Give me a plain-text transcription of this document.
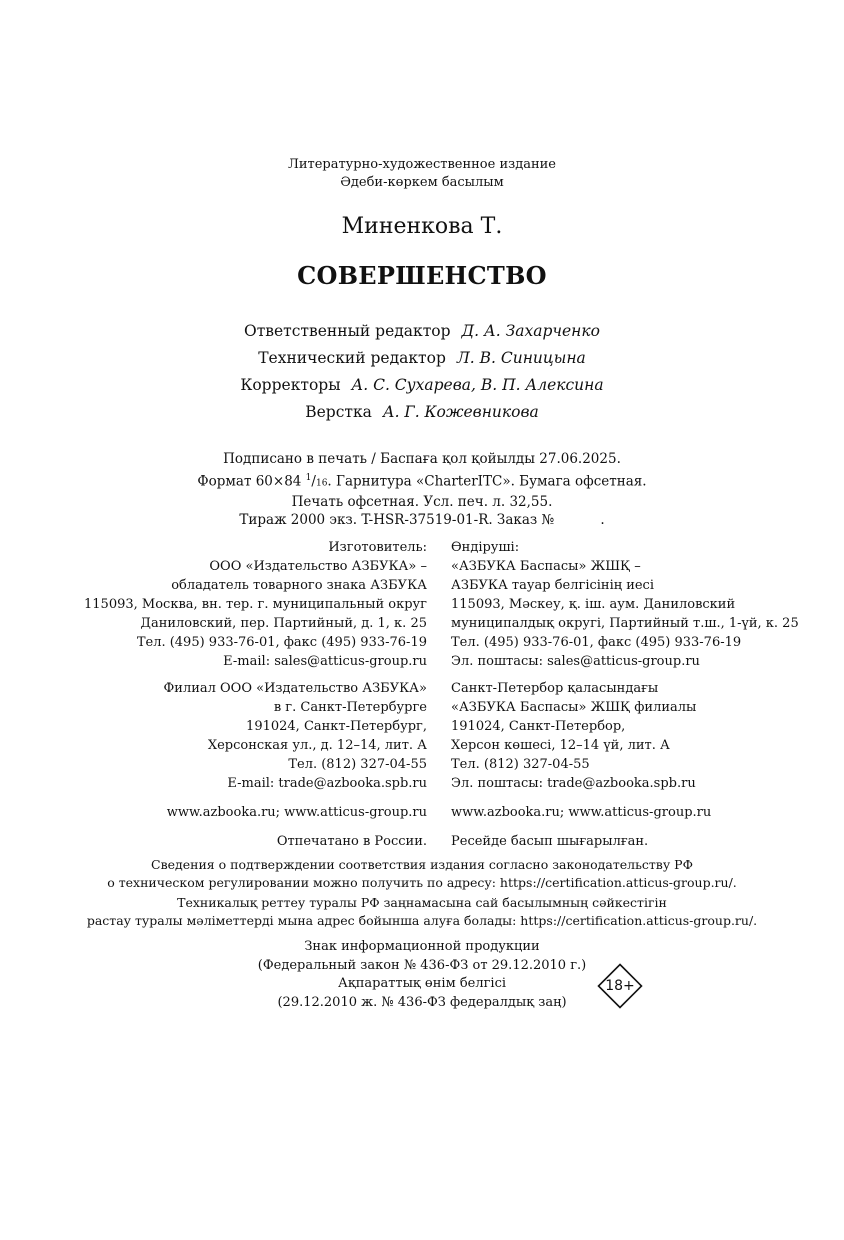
Литературно-художественное издание
Әдеби-көркем басылым
Миненкова Т.
СОВЕРШЕНСТВО
Ответственный редактор Д. А. Захарченко
Технический редактор Л. В. Синицына
Корректоры А. С. Сухарева, В. П. Алексина
Верстка А. Г. Кожевникова
Подписано в печать / Баспаға қол қойылды 27.06.2025.
Формат 60×84 $^1$/16. Гарнитура «CharterITC». Бумага офсетная.
Печать офсетная. Усл. печ. л. 32,55.
Тираж 2000 экз. T-HSR-37519-01-R. Заказ №	.
Изготовитель:
ООО «Издательство АЗБУКА» –
обладатель товарного знака АЗБУКА
115093, Москва, вн. тер. г. муниципальный округ
Даниловский, пер. Партийный, д. 1, к. 25
Тел. (495) 933-76-01, факс (495) 933-76-19
E-mail: sales@atticus-group.ru
Филиал ООО «Издательство АЗБУКА»
в г. Санкт-Петербурге
191024, Санкт-Петербург,
Херсонская ул., д. 12–14, лит. А
Тел. (812) 327-04-55
E-mail: trade@azbooka.spb.ru
www.azbooka.ru; www.atticus-group.ru
Отпечатано в России.
Өндіруші:
«АЗБУКА Баспасы» ЖШҚ –
АЗБУКА тауар белгісінің иесі
115093, Мәскеу, қ. іш. аум. Даниловский
муниципалдық округі, Партийный т.ш., 1-үй, к. 25
Тел. (495) 933-76-01, факс (495) 933-76-19
Эл. поштасы: sales@atticus-group.ru
Санкт-Петербор қаласындағы
«АЗБУКА Баспасы» ЖШҚ филиалы
191024, Санкт-Петербор,
Херсон көшесі, 12–14 үй, лит. А
Тел. (812) 327-04-55
Эл. поштасы: trade@azbooka.spb.ru
www.azbooka.ru; www.atticus-group.ru
Ресейде басып шығарылған.
Сведения о подтверждении соответствия издания согласно законодательству РФ
о техническом регулировании можно получить по адресу: https://certification.atticus-group.ru/.
Техникалық реттеу туралы РФ заңнамасына сай басылымның сәйкестігін
растау туралы мәліметтерді мына адрес бойынша алуға болады: https://certification.atticus-group.ru/.
Знак информационной продукции
(Федеральный закон № 436-ФЗ от 29.12.2010 г.)
Ақпараттық өнім белгісі
(29.12.2010 ж. № 436-ФЗ федералдық заң)
18+
